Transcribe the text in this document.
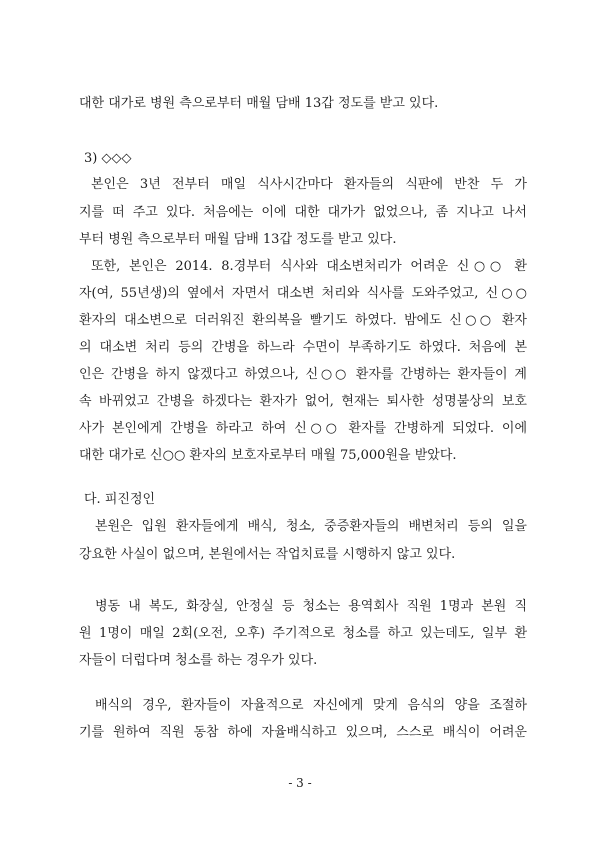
대한 대가로 병원 측으로부터 매월 담배 13갑 정도를 받고 있다.
3) ◇◇◇
본인은 3년 전부터 매일 식사시간마다 환자들의 식판에 반찬 두 가
지를 떠 주고 있다. 처음에는 이에 대한 대가가 없었으나, 좀 지나고 나서
부터 병원 측으로부터 매월 담배 13갑 정도를 받고 있다.
또한, 본인은 2014. 8.경부터 식사와 대소변처리가 어려운 신○○ 환
자(여, 55년생)의 옆에서 자면서 대소변 처리와 식사를 도와주었고, 신○○
환자의 대소변으로 더러워진 환의복을 빨기도 하였다. 밤에도 신○○ 환자
의 대소변 처리 등의 간병을 하느라 수면이 부족하기도 하였다. 처음에 본
인은 간병을 하지 않겠다고 하였으나, 신○○ 환자를 간병하는 환자들이 계
속 바뀌었고 간병을 하겠다는 환자가 없어, 현재는 퇴사한 성명불상의 보호
사가 본인에게 간병을 하라고 하여 신○○ 환자를 간병하게 되었다. 이에
대한 대가로 신○○ 환자의 보호자로부터 매월 75,000원을 받았다.
다. 피진정인
본원은 입원 환자들에게 배식, 청소, 중증환자들의 배변처리 등의 일을
강요한 사실이 없으며, 본원에서는 작업치료를 시행하지 않고 있다.
병동 내 복도, 화장실, 안정실 등 청소는 용역회사 직원 1명과 본원 직
원 1명이 매일 2회(오전, 오후) 주기적으로 청소를 하고 있는데도, 일부 환
자들이 더럽다며 청소를 하는 경우가 있다.
배식의 경우, 환자들이 자율적으로 자신에게 맞게 음식의 양을 조절하
기를 원하여 직원 동참 하에 자율배식하고 있으며, 스스로 배식이 어려운
- 3 -
